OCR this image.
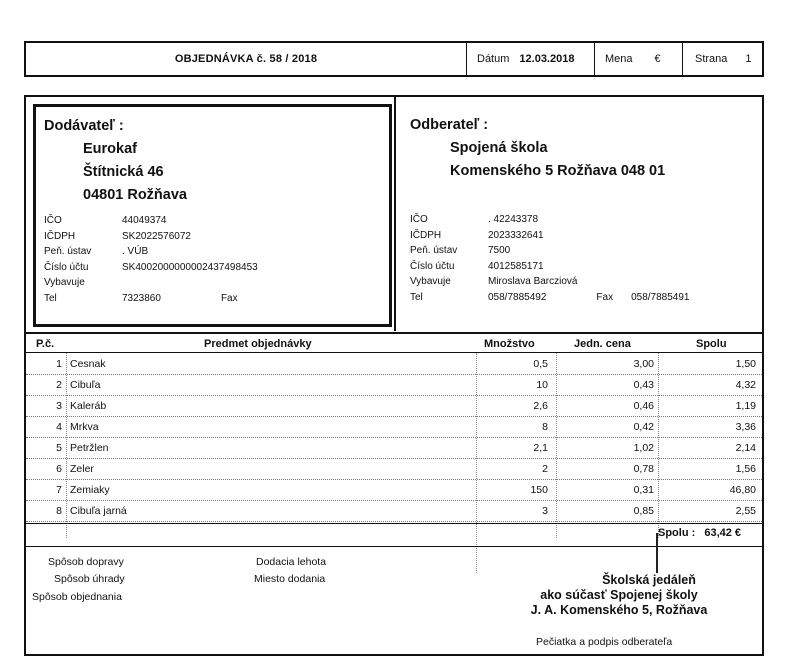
OBJEDNÁVKA č. 58 / 2018	Dátum 12.03.2018	Mena €	Strana 1
Dodávateľ :
Eurokaf
Štítnická 46
04801 Rožňava
IČO	44049374
IČDPH	SK2022576072
Peň. ústav	. VÚB
Číslo účtu	SK4002000000002437498453
Vybavuje
Tel	7323860	Fax
Odberateľ :
Spojená škola
Komenského 5 Rožňava 048 01
IČO	. 42243378
IČDPH	2023332641
Peň. ústav	7500
Číslo účtu	4012585171
Vybavuje	Miroslava Barcziová
Tel	058/7885492	Fax 058/7885491
P.č.	Predmet objednávky	Množstvo	Jedn. cena	Spolu
1 Cesnak	0,5	3,00	1,50
2 Cibuľa	10	0,43	4,32
3 Kaleráb	2,6	0,46	1,19
4 Mrkva	8	0,42	3,36
5 Petržlen	2,1	1,02	2,14
6 Zeler	2	0,78	1,56
7 Zemiaky	150	0,31	46,80
8 Cibuľa jarná	3	0,85	2,55
Spolu : 63,42 €
Spôsob dopravy
Spôsob úhrady
Spôsob objednania
Dodacia lehota
Miesto dodania	Školská jedáleň
ako súčasť Spojenej školy
J. A. Komenského 5, Rožňava
Pečiatka a podpis odberateľa
